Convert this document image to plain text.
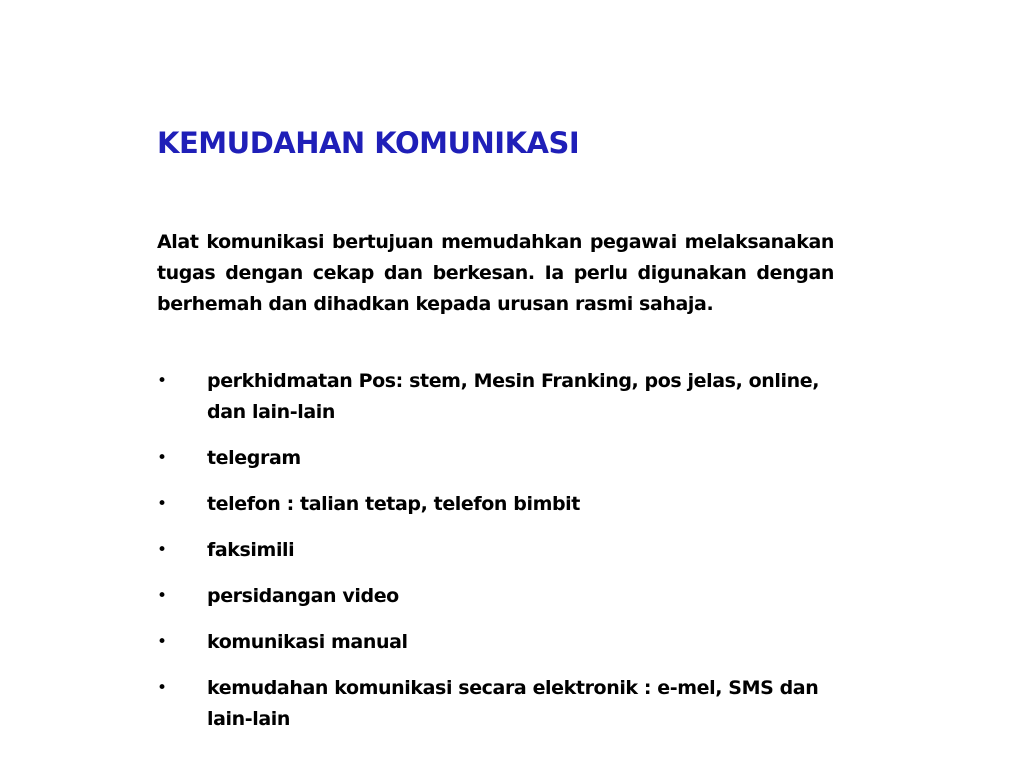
KEMUDAHAN KOMUNIKASI

Alat komunikasi bertujuan memudahkan pegawai melaksanakan tugas dengan cekap dan berkesan. Ia perlu digunakan dengan berhemah dan dihadkan kepada urusan rasmi sahaja.

• perkhidmatan Pos: stem, Mesin Franking, pos jelas, online, dan lain-lain
• telegram
• telefon : talian tetap, telefon bimbit
• faksimili
• persidangan video
• komunikasi manual
• kemudahan komunikasi secara elektronik : e-mel, SMS dan lain-lain
